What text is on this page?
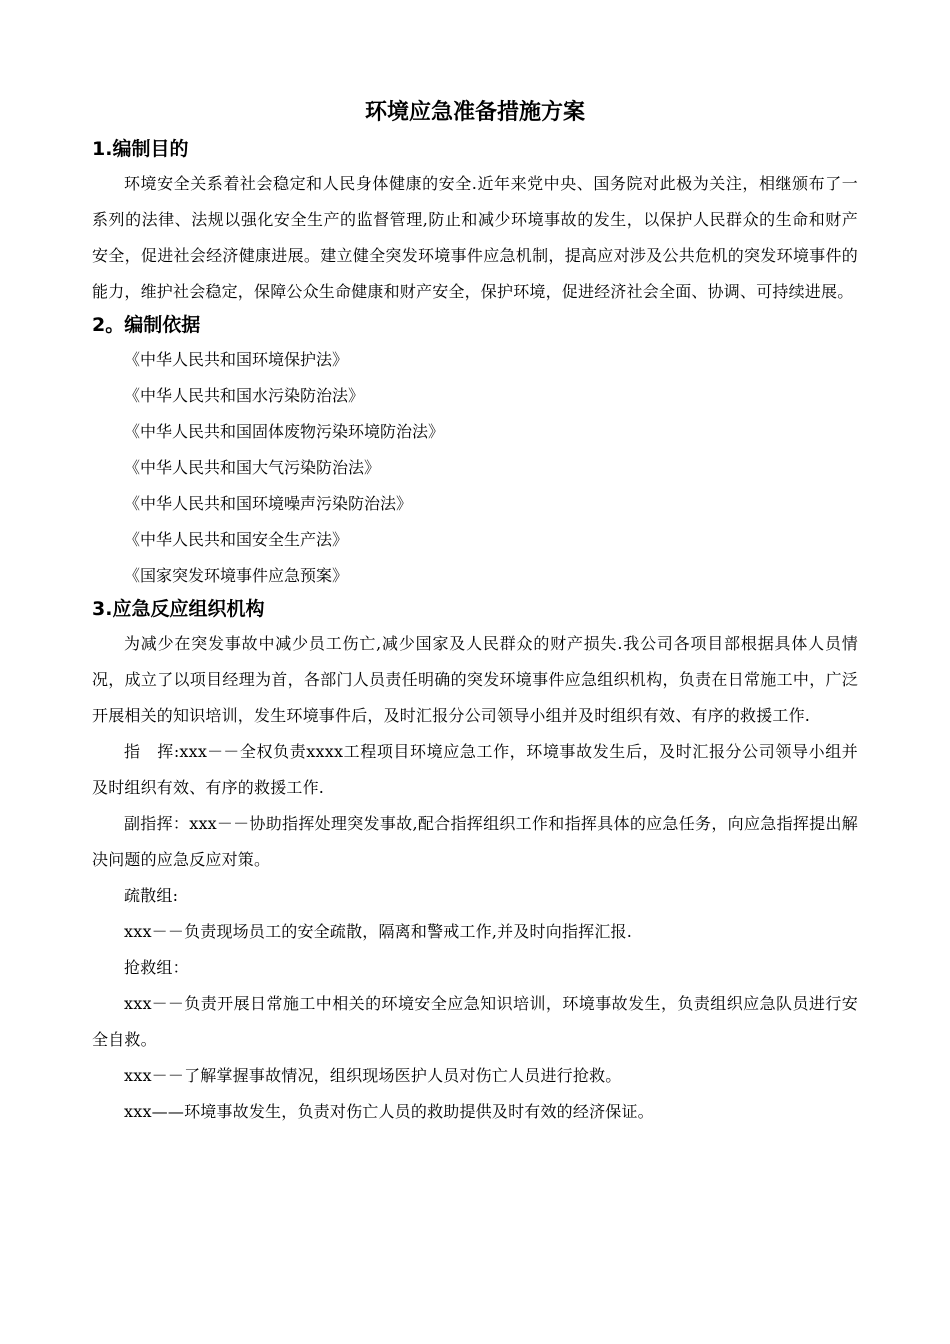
环境应急准备措施方案
1.编制目的

环境安全关系着社会稳定和人民身体健康的安全.近年来党中央、国务院对此极为关注，相继颁布了一系列的法律、法规以强化安全生产的监督管理,防止和减少环境事故的发生，以保护人民群众的生命和财产安全，促进社会经济健康进展。建立健全突发环境事件应急机制，提高应对涉及公共危机的突发环境事件的能力，维护社会稳定，保障公众生命健康和财产安全，保护环境，促进经济社会全面、协调、可持续进展。

2。编制依据

《中华人民共和国环境保护法》

《中华人民共和国水污染防治法》

《中华人民共和国固体废物污染环境防治法》

《中华人民共和国大气污染防治法》

《中华人民共和国环境噪声污染防治法》

《中华人民共和国安全生产法》

《国家突发环境事件应急预案》

3.应急反应组织机构

为减少在突发事故中减少员工伤亡,减少国家及人民群众的财产损失.我公司各项目部根据具体人员情况，成立了以项目经理为首，各部门人员责任明确的突发环境事件应急组织机构，负责在日常施工中，广泛开展相关的知识培训，发生环境事件后，及时汇报分公司领导小组并及时组织有效、有序的救援工作.

指　挥:xxx－－全权负责xxxx工程项目环境应急工作，环境事故发生后，及时汇报分公司领导小组并及时组织有效、有序的救援工作.

副指挥：xxx－－协助指挥处理突发事故,配合指挥组织工作和指挥具体的应急任务，向应急指挥提出解决问题的应急反应对策。

疏散组:

xxx－－负责现场员工的安全疏散，隔离和警戒工作,并及时向指挥汇报.

抢救组：

xxx－－负责开展日常施工中相关的环境安全应急知识培训，环境事故发生，负责组织应急队员进行安全自救。

xxx－－了解掌握事故情况，组织现场医护人员对伤亡人员进行抢救。

xxx——环境事故发生，负责对伤亡人员的救助提供及时有效的经济保证。
